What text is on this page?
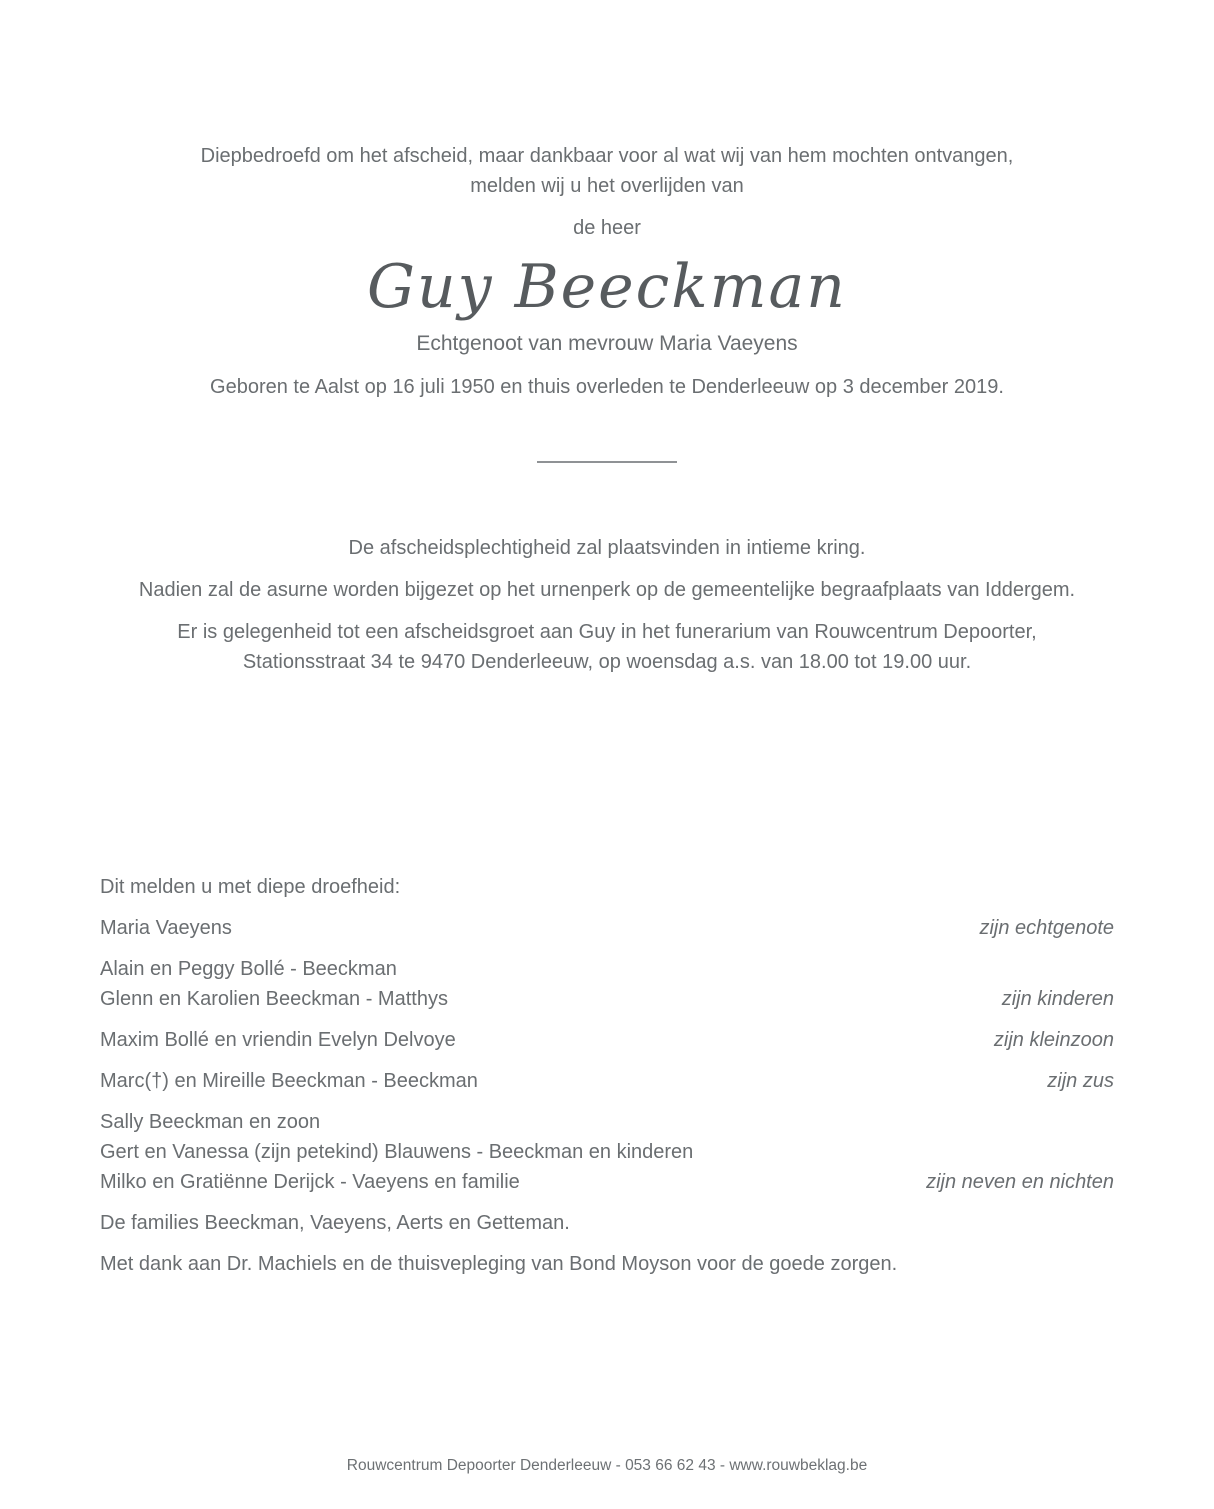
Diepbedroefd om het afscheid, maar dankbaar voor al wat wij van hem mochten ontvangen,
melden wij u het overlijden van
de heer
Guy Beeckman
Echtgenoot van mevrouw Maria Vaeyens
Geboren te Aalst op 16 juli 1950 en thuis overleden te Denderleeuw op 3 december 2019.
De afscheidsplechtigheid zal plaatsvinden in intieme kring.
Nadien zal de asurne worden bijgezet op het urnenperk op de gemeentelijke begraafplaats van Iddergem.
Er is gelegenheid tot een afscheidsgroet aan Guy in het funerarium van Rouwcentrum Depoorter,
Stationsstraat 34 te 9470 Denderleeuw, op woensdag a.s. van 18.00 tot 19.00 uur.
Dit melden u met diepe droefheid:
Maria Vaeyens	zijn echtgenote
Alain en Peggy Bollé - Beeckman
Glenn en Karolien Beeckman - Matthys	zijn kinderen
Maxim Bollé en vriendin Evelyn Delvoye	zijn kleinzoon
Marc(†) en Mireille Beeckman - Beeckman	zijn zus
Sally Beeckman en zoon
Gert en Vanessa (zijn petekind) Blauwens - Beeckman en kinderen
Milko en Gratiënne Derijck - Vaeyens en familie	zijn neven en nichten
De families Beeckman, Vaeyens, Aerts en Getteman.
Met dank aan Dr. Machiels en de thuisvepleging van Bond Moyson voor de goede zorgen.
Rouwcentrum Depoorter Denderleeuw - 053 66 62 43 - www.rouwbeklag.be
